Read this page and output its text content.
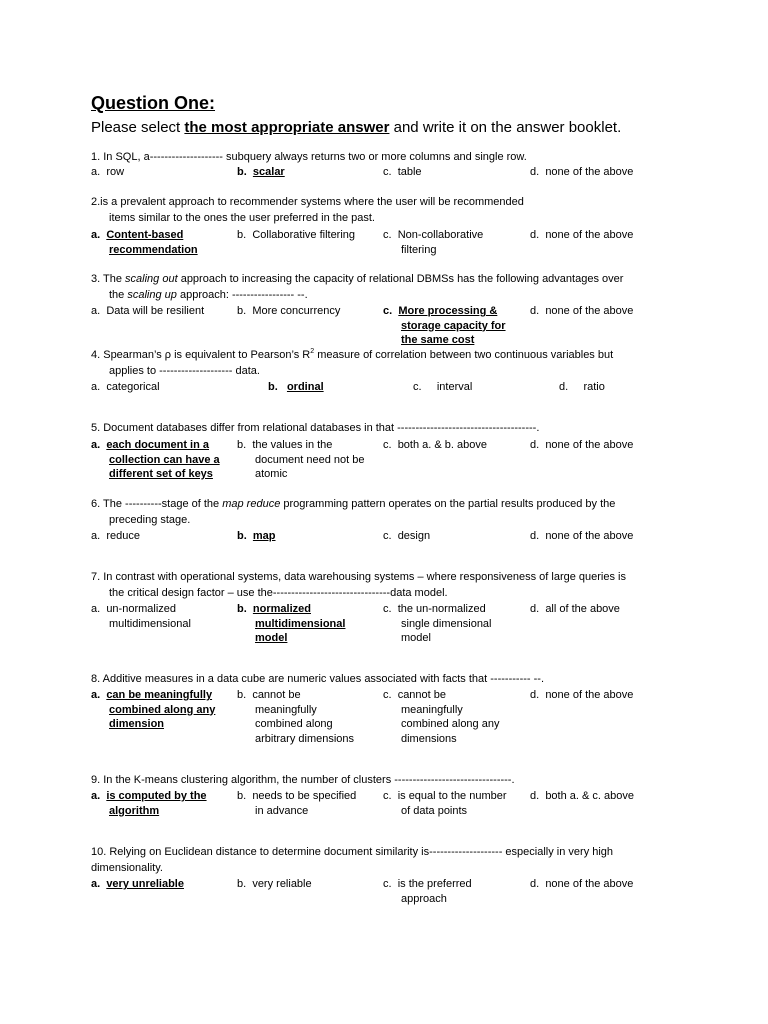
Question One:
Please select the most appropriate answer and write it on the answer booklet.
1. In SQL, a-------------------- subquery always returns two or more columns and single row.
a. row	b. scalar	c. table	d. none of the above
2.is a prevalent approach to recommender systems where the user will be recommended
items similar to the ones the user preferred in the past.
a. Content-based
recommendation
b. Collaborative filtering	c. Non-collaborative
filtering
d. none of the above
3. The scaling out approach to increasing the capacity of relational DBMSs has the following advantages over
the scaling up approach: ----------------- --.
a. Data will be resilient	b. More concurrency	c. More processing &
storage capacity for
the same cost
d. none of the above
4. Spearman’s ρ is equivalent to Pearson’s $R^2$ measure of correlation between two continuous variables but
applies to -------------------- data.
a. categorical	b. ordinal	c. interval	d. ratio
5. Document databases differ from relational databases in that --------------------------------------.
a. each document in a
collection can have a
different set of keys
b. the values in the
document need not be
atomic
c. both a. & b. above	d. none of the above
6. The ----------stage of the map reduce programming pattern operates on the partial results produced by the
preceding stage.
a. reduce	b. map	c. design	d. none of the above
7. In contrast with operational systems, data warehousing systems – where responsiveness of large queries is
the critical design factor – use the--------------------------------data model.
a. un-normalized
multidimensional
b. normalized
multidimensional
model
c. the un-normalized
single dimensional
model
d. all of the above
8. Additive measures in a data cube are numeric values associated with facts that ----------- --.
a. can be meaningfully
combined along any
dimension
b. cannot be
meaningfully
combined along
arbitrary dimensions
c. cannot be
meaningfully
combined along any
dimensions
d. none of the above
9. In the K-means clustering algorithm, the number of clusters --------------------------------.
a. is computed by the
algorithm
b. needs to be specified
in advance
c. is equal to the number
of data points
d. both a. & c. above
10. Relying on Euclidean distance to determine document similarity is-------------------- especially in very high
dimensionality.
a. very unreliable	b. very reliable	c. is the preferred
approach
d. none of the above
